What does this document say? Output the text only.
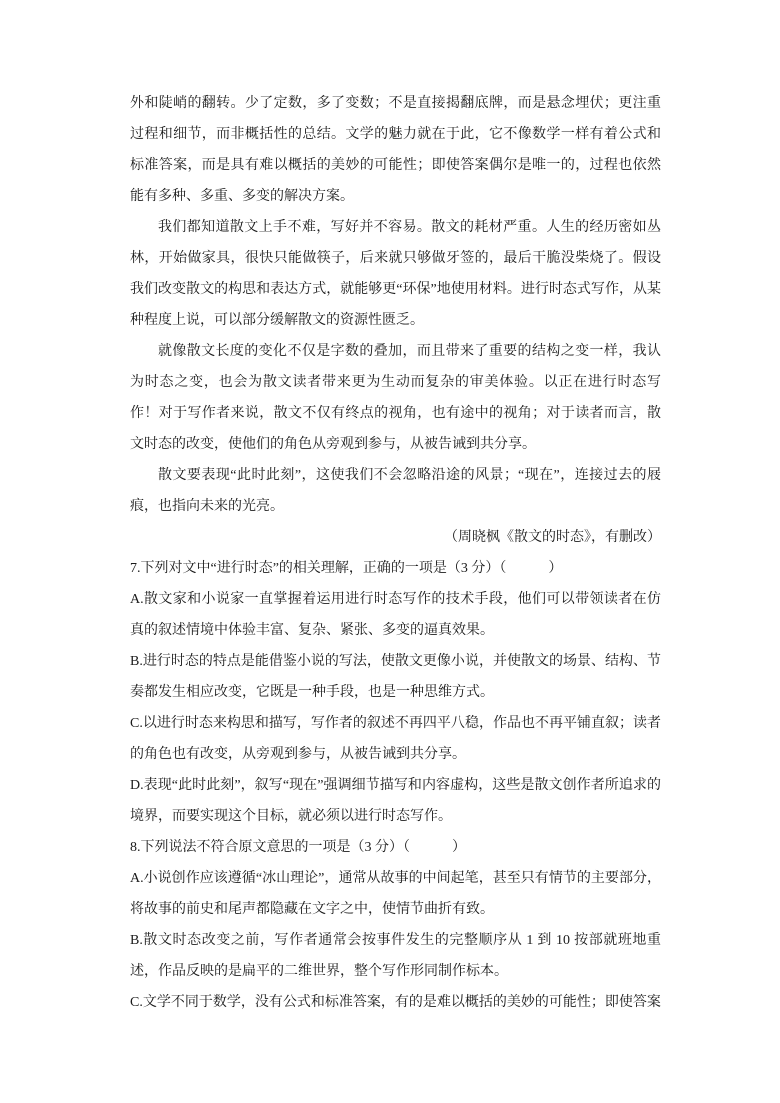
外和陡峭的翻转。少了定数，多了变数；不是直接揭翻底牌，而是悬念埋伏；更注重过程和细节，而非概括性的总结。文学的魅力就在于此，它不像数学一样有着公式和标准答案，而是具有难以概括的美妙的可能性；即使答案偶尔是唯一的，过程也依然能有多种、多重、多变的解决方案。

我们都知道散文上手不难，写好并不容易。散文的耗材严重。人生的经历密如丛林，开始做家具，很快只能做筷子，后来就只够做牙签的，最后干脆没柴烧了。假设我们改变散文的构思和表达方式，就能够更“环保”地使用材料。进行时态式写作，从某种程度上说，可以部分缓解散文的资源性匮乏。

就像散文长度的变化不仅是字数的叠加，而且带来了重要的结构之变一样，我认为时态之变，也会为散文读者带来更为生动而复杂的审美体验。以正在进行时态写作！对于写作者来说，散文不仅有终点的视角，也有途中的视角；对于读者而言，散文时态的改变，使他们的角色从旁观到参与，从被告诫到共分享。

散文要表现“此时此刻”，这使我们不会忽略沿途的风景；“现在”，连接过去的屐痕，也指向未来的光亮。

（周晓枫《散文的时态》，有删改）

7.下列对文中“进行时态”的相关理解，正确的一项是（3 分）（　　　）

A.散文家和小说家一直掌握着运用进行时态写作的技术手段，他们可以带领读者在仿真的叙述情境中体验丰富、复杂、紧张、多变的逼真效果。

B.进行时态的特点是能借鉴小说的写法，使散文更像小说，并使散文的场景、结构、节奏都发生相应改变，它既是一种手段，也是一种思维方式。

C.以进行时态来构思和描写，写作者的叙述不再四平八稳，作品也不再平铺直叙；读者的角色也有改变，从旁观到参与，从被告诫到共分享。

D.表现“此时此刻”，叙写“现在”强调细节描写和内容虚构，这些是散文创作者所追求的境界，而要实现这个目标，就必须以进行时态写作。

8.下列说法不符合原文意思的一项是（3 分）（　　　）

A.小说创作应该遵循“冰山理论”，通常从故事的中间起笔，甚至只有情节的主要部分，将故事的前史和尾声都隐藏在文字之中，使情节曲折有致。

B.散文时态改变之前，写作者通常会按事件发生的完整顺序从 1 到 10 按部就班地重述，作品反映的是扁平的二维世界，整个写作形同制作标本。

C.文学不同于数学，没有公式和标准答案，有的是难以概括的美妙的可能性；即使答案
